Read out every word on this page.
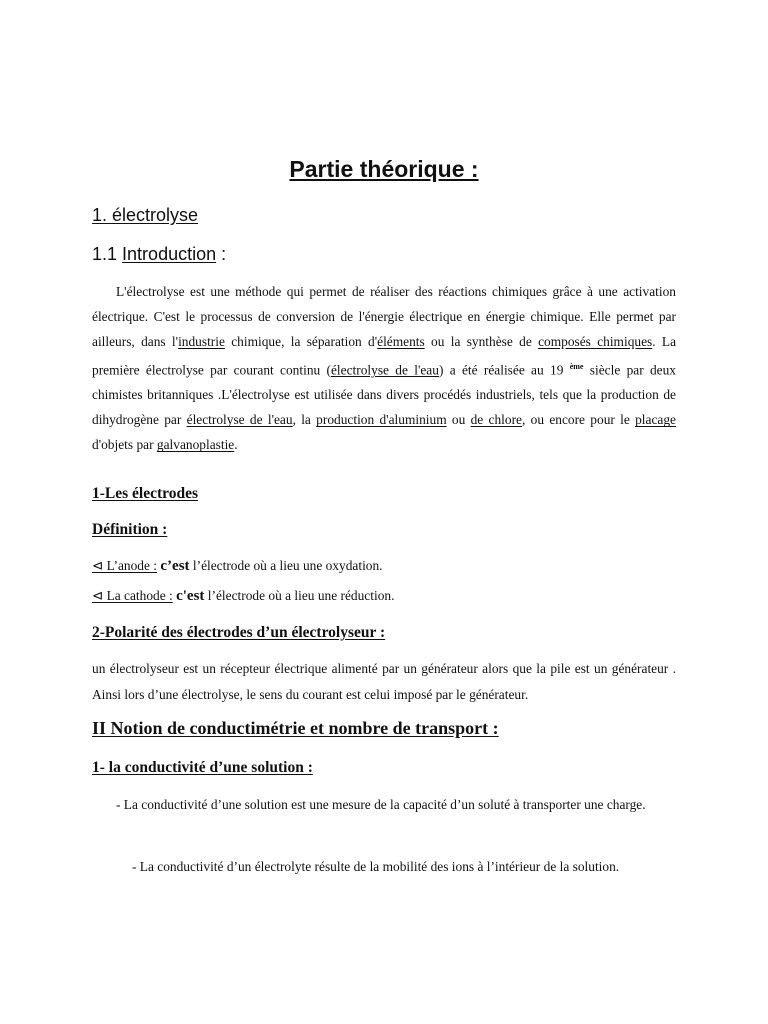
Partie théorique :
1. électrolyse
1.1 Introduction :

L'électrolyse est une méthode qui permet de réaliser des réactions chimiques grâce à une activation électrique. C'est le processus de conversion de l'énergie électrique en énergie chimique. Elle permet par ailleurs, dans l'industrie chimique, la séparation d'éléments ou la synthèse de composés chimiques. La première électrolyse par courant continu (électrolyse de l'eau) a été réalisée au 19 $^{ème}$ siècle par deux chimistes britanniques .L'électrolyse est utilisée dans divers procédés industriels, tels que la production de dihydrogène par électrolyse de l'eau, la production d'aluminium ou de chlore, ou encore pour le placage d'objets par galvanoplastie.

1-Les électrodes
Définition :
⊲ L’anode : c’est l’électrode où a lieu une oxydation.
⊲ La cathode : c'est l’électrode où a lieu une réduction.
2-Polarité des électrodes d’un électrolyseur :

un électrolyseur est un récepteur électrique alimenté par un générateur alors que la pile est un générateur . Ainsi lors d’une électrolyse, le sens du courant est celui imposé par le générateur.

II Notion de conductimétrie et nombre de transport :
1- la conductivité d’une solution :

- La conductivité d’une solution est une mesure de la capacité d’un soluté à transporter une charge.

- La conductivité d’un électrolyte résulte de la mobilité des ions à l’intérieur de la solution.
